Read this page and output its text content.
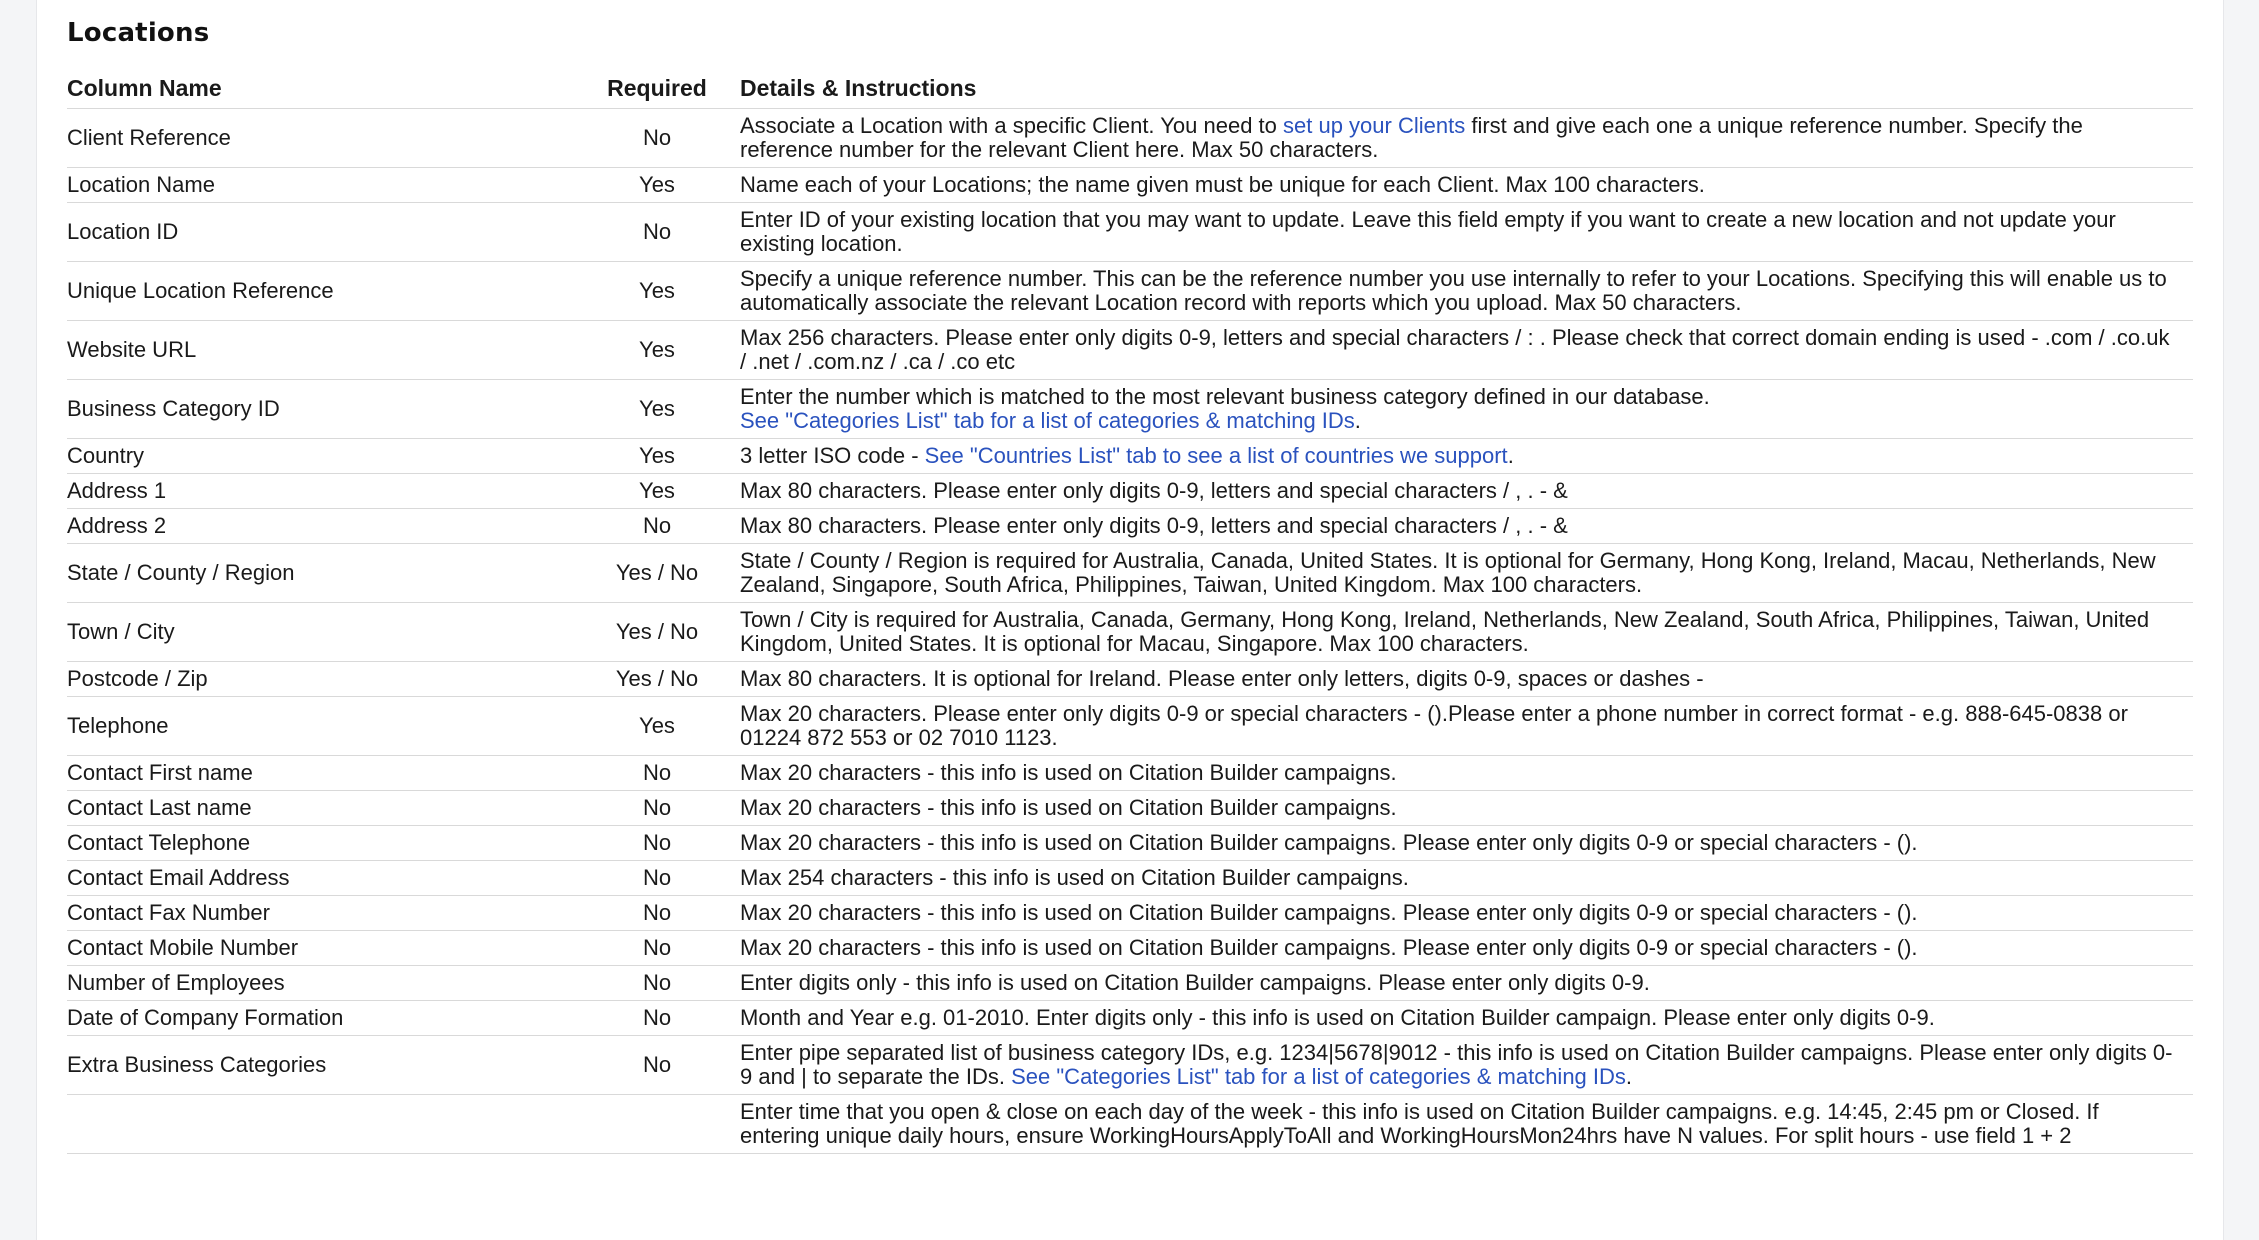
Locations
Column Name	Required	Details & Instructions
Client Reference	No	Associate a Location with a specific Client. You need to set up your Clients first and give each one a unique reference number. Specify the reference number for the relevant Client here. Max 50 characters.
Location Name	Yes	Name each of your Locations; the name given must be unique for each Client. Max 100 characters.
Location ID	No	Enter ID of your existing location that you may want to update. Leave this field empty if you want to create a new location and not update your existing location.
Unique Location Reference	Yes	Specify a unique reference number. This can be the reference number you use internally to refer to your Locations. Specifying this will enable us to automatically associate the relevant Location record with reports which you upload. Max 50 characters.
Website URL	Yes	Max 256 characters. Please enter only digits 0-9, letters and special characters / : . Please check that correct domain ending is used - .com / .co.uk / .net / .com.nz / .ca / .co etc
Business Category ID	Yes	Enter the number which is matched to the most relevant business category defined in our database.
See "Categories List" tab for a list of categories & matching IDs.
Country	Yes	3 letter ISO code - See "Countries List" tab to see a list of countries we support.
Address 1	Yes	Max 80 characters. Please enter only digits 0-9, letters and special characters / , . - &
Address 2	No	Max 80 characters. Please enter only digits 0-9, letters and special characters / , . - &
State / County / Region	Yes / No	State / County / Region is required for Australia, Canada, United States. It is optional for Germany, Hong Kong, Ireland, Macau, Netherlands, New Zealand, Singapore, South Africa, Philippines, Taiwan, United Kingdom. Max 100 characters.
Town / City	Yes / No	Town / City is required for Australia, Canada, Germany, Hong Kong, Ireland, Netherlands, New Zealand, South Africa, Philippines, Taiwan, United Kingdom, United States. It is optional for Macau, Singapore. Max 100 characters.
Postcode / Zip	Yes / No	Max 80 characters. It is optional for Ireland. Please enter only letters, digits 0-9, spaces or dashes -
Telephone	Yes	Max 20 characters. Please enter only digits 0-9 or special characters - ().Please enter a phone number in correct format - e.g. 888-645-0838 or 01224 872 553 or 02 7010 1123.
Contact First name	No	Max 20 characters - this info is used on Citation Builder campaigns.
Contact Last name	No	Max 20 characters - this info is used on Citation Builder campaigns.
Contact Telephone	No	Max 20 characters - this info is used on Citation Builder campaigns. Please enter only digits 0-9 or special characters - ().
Contact Email Address	No	Max 254 characters - this info is used on Citation Builder campaigns.
Contact Fax Number	No	Max 20 characters - this info is used on Citation Builder campaigns. Please enter only digits 0-9 or special characters - ().
Contact Mobile Number	No	Max 20 characters - this info is used on Citation Builder campaigns. Please enter only digits 0-9 or special characters - ().
Number of Employees	No	Enter digits only - this info is used on Citation Builder campaigns. Please enter only digits 0-9.
Date of Company Formation	No	Month and Year e.g. 01-2010. Enter digits only - this info is used on Citation Builder campaign. Please enter only digits 0-9.
Extra Business Categories	No	Enter pipe separated list of business category IDs, e.g. 1234|5678|9012 - this info is used on Citation Builder campaigns. Please enter only digits 0-9 and | to separate the IDs. See "Categories List" tab for a list of categories & matching IDs.
		Enter time that you open & close on each day of the week - this info is used on Citation Builder campaigns. e.g. 14:45, 2:45 pm or Closed. If entering unique daily hours, ensure WorkingHoursApplyToAll and WorkingHoursMon24hrs have N values. For split hours - use field 1 + 2
